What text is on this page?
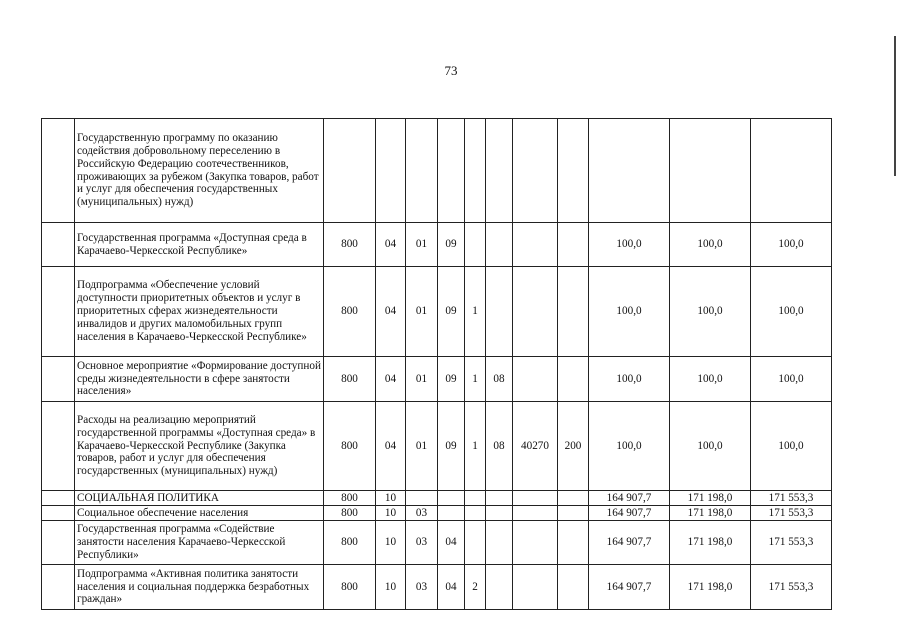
73
	Государственную программу по оказанию содействия добровольному переселению в Российскую Федерацию соотечественников, проживающих за рубежом (Закупка товаров, работ и услуг для обеспечения государственных (муниципальных) нужд)											
	Государственная программа «Доступная среда в Карачаево-Черкесской Республике»	800	04	01	09					100,0	100,0	100,0
	Подпрограмма «Обеспечение условий доступности приоритетных объектов и услуг в приоритетных сферах жизнедеятельности инвалидов и других маломобильных групп населения в Карачаево-Черкесской Республике»	800	04	01	09	1				100,0	100,0	100,0
	Основное мероприятие «Формирование доступной среды жизнедеятельности в сфере занятости населения»	800	04	01	09	1	08			100,0	100,0	100,0
	Расходы на реализацию мероприятий государственной программы «Доступная среда» в Карачаево-Черкесской Республике (Закупка товаров, работ и услуг для обеспечения государственных (муниципальных) нужд)	800	04	01	09	1	08	40270	200	100,0	100,0	100,0
	СОЦИАЛЬНАЯ ПОЛИТИКА	800	10							164 907,7	171 198,0	171 553,3
	Социальное обеспечение населения	800	10	03						164 907,7	171 198,0	171 553,3
	Государственная программа «Содействие занятости населения Карачаево-Черкесской Республики»	800	10	03	04					164 907,7	171 198,0	171 553,3
	Подпрограмма «Активная политика занятости населения и социальная поддержка безработных граждан»	800	10	03	04	2				164 907,7	171 198,0	171 553,3
